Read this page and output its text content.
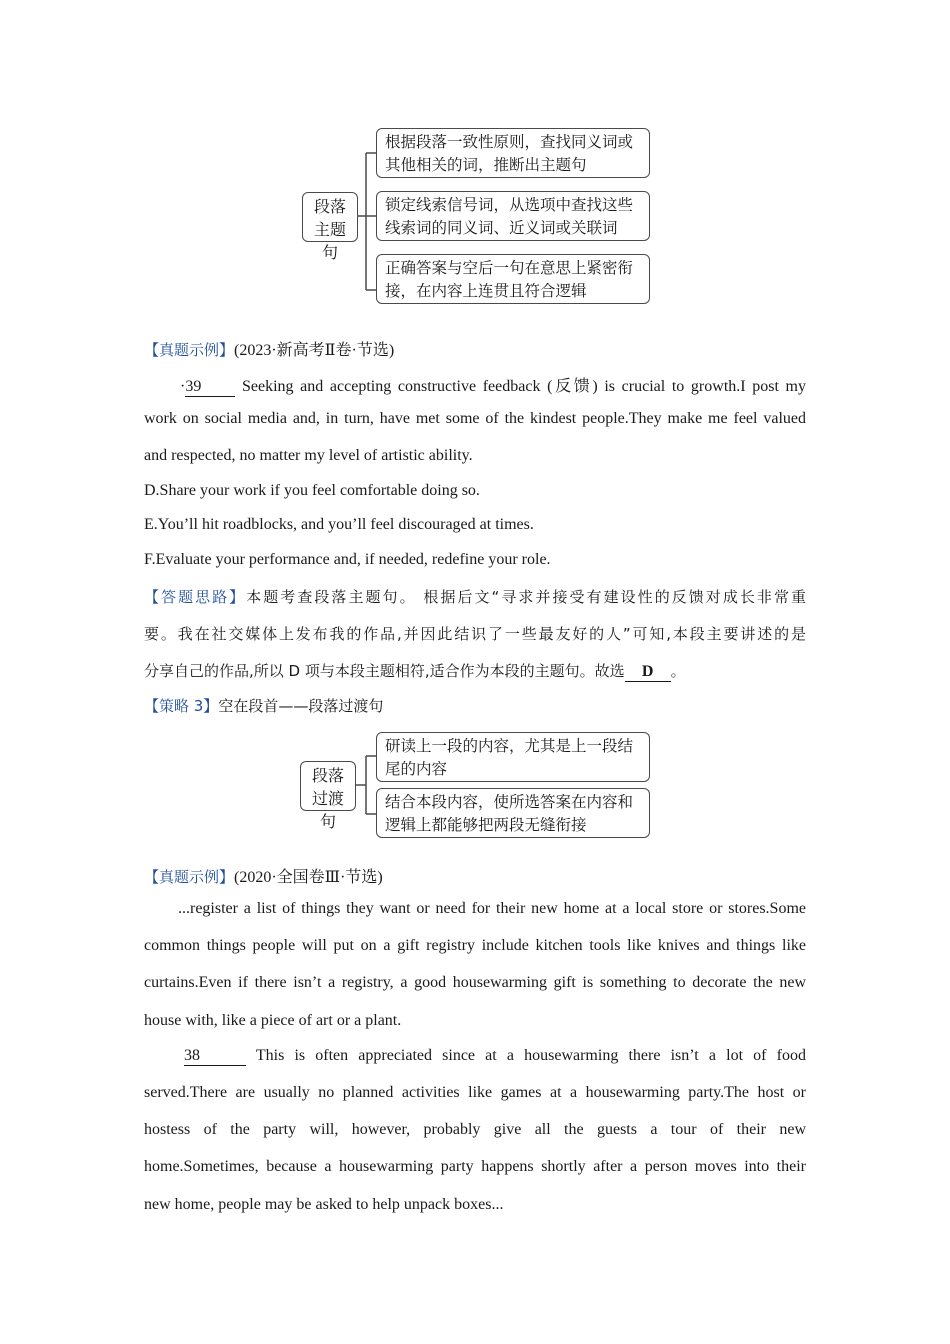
段落
主题句
根据段落一致性原则，查找同义词或
其他相关的词，推断出主题句
锁定线索信号词，从选项中查找这些
线索词的同义词、近义词或关联词
正确答案与空后一句在意思上紧密衔
接，在内容上连贯且符合逻辑
【真题示例】(2023·新高考Ⅱ卷·节选)
·39	Seeking and accepting constructive feedback (反馈) is crucial to growth.I post my
work on social media and, in turn, have met some of the kindest people.They make me feel valued
and respected, no matter my level of artistic ability.
D.Share your work if you feel comfortable doing so.
E.You’ll hit roadblocks, and you’ll feel discouraged at times.
F.Evaluate your performance and, if needed, redefine your role.
【答题思路】本题考查段落主题句。 根据后文“寻求并接受有建设性的反馈对成长非常重
要。我在社交媒体上发布我的作品,并因此结识了一些最友好的人”可知,本段主要讲述的是
分享自己的作品,所以 D 项与本段主题相符,适合作为本段的主题句。故选 D 。
【策略 3】空在段首——段落过渡句
段落
过渡句
研读上一段的内容，尤其是上一段结
尾的内容
结合本段内容，使所选答案在内容和
逻辑上都能够把两段无缝衔接
【真题示例】(2020·全国卷Ⅲ·节选)
...register a list of things they want or need for their new home at a local store or stores.Some
common things people will put on a gift registry include kitchen tools like knives and things like
curtains.Even if there isn’t a registry, a good housewarming gift is something to decorate the new
house with, like a piece of art or a plant.
38	This is often appreciated since at a housewarming there isn’t a lot of food
served.There are usually no planned activities like games at a housewarming party.The host or
hostess of the party will, however, probably give all the guests a tour of their new
home.Sometimes, because a housewarming party happens shortly after a person moves into their
new home, people may be asked to help unpack boxes...
